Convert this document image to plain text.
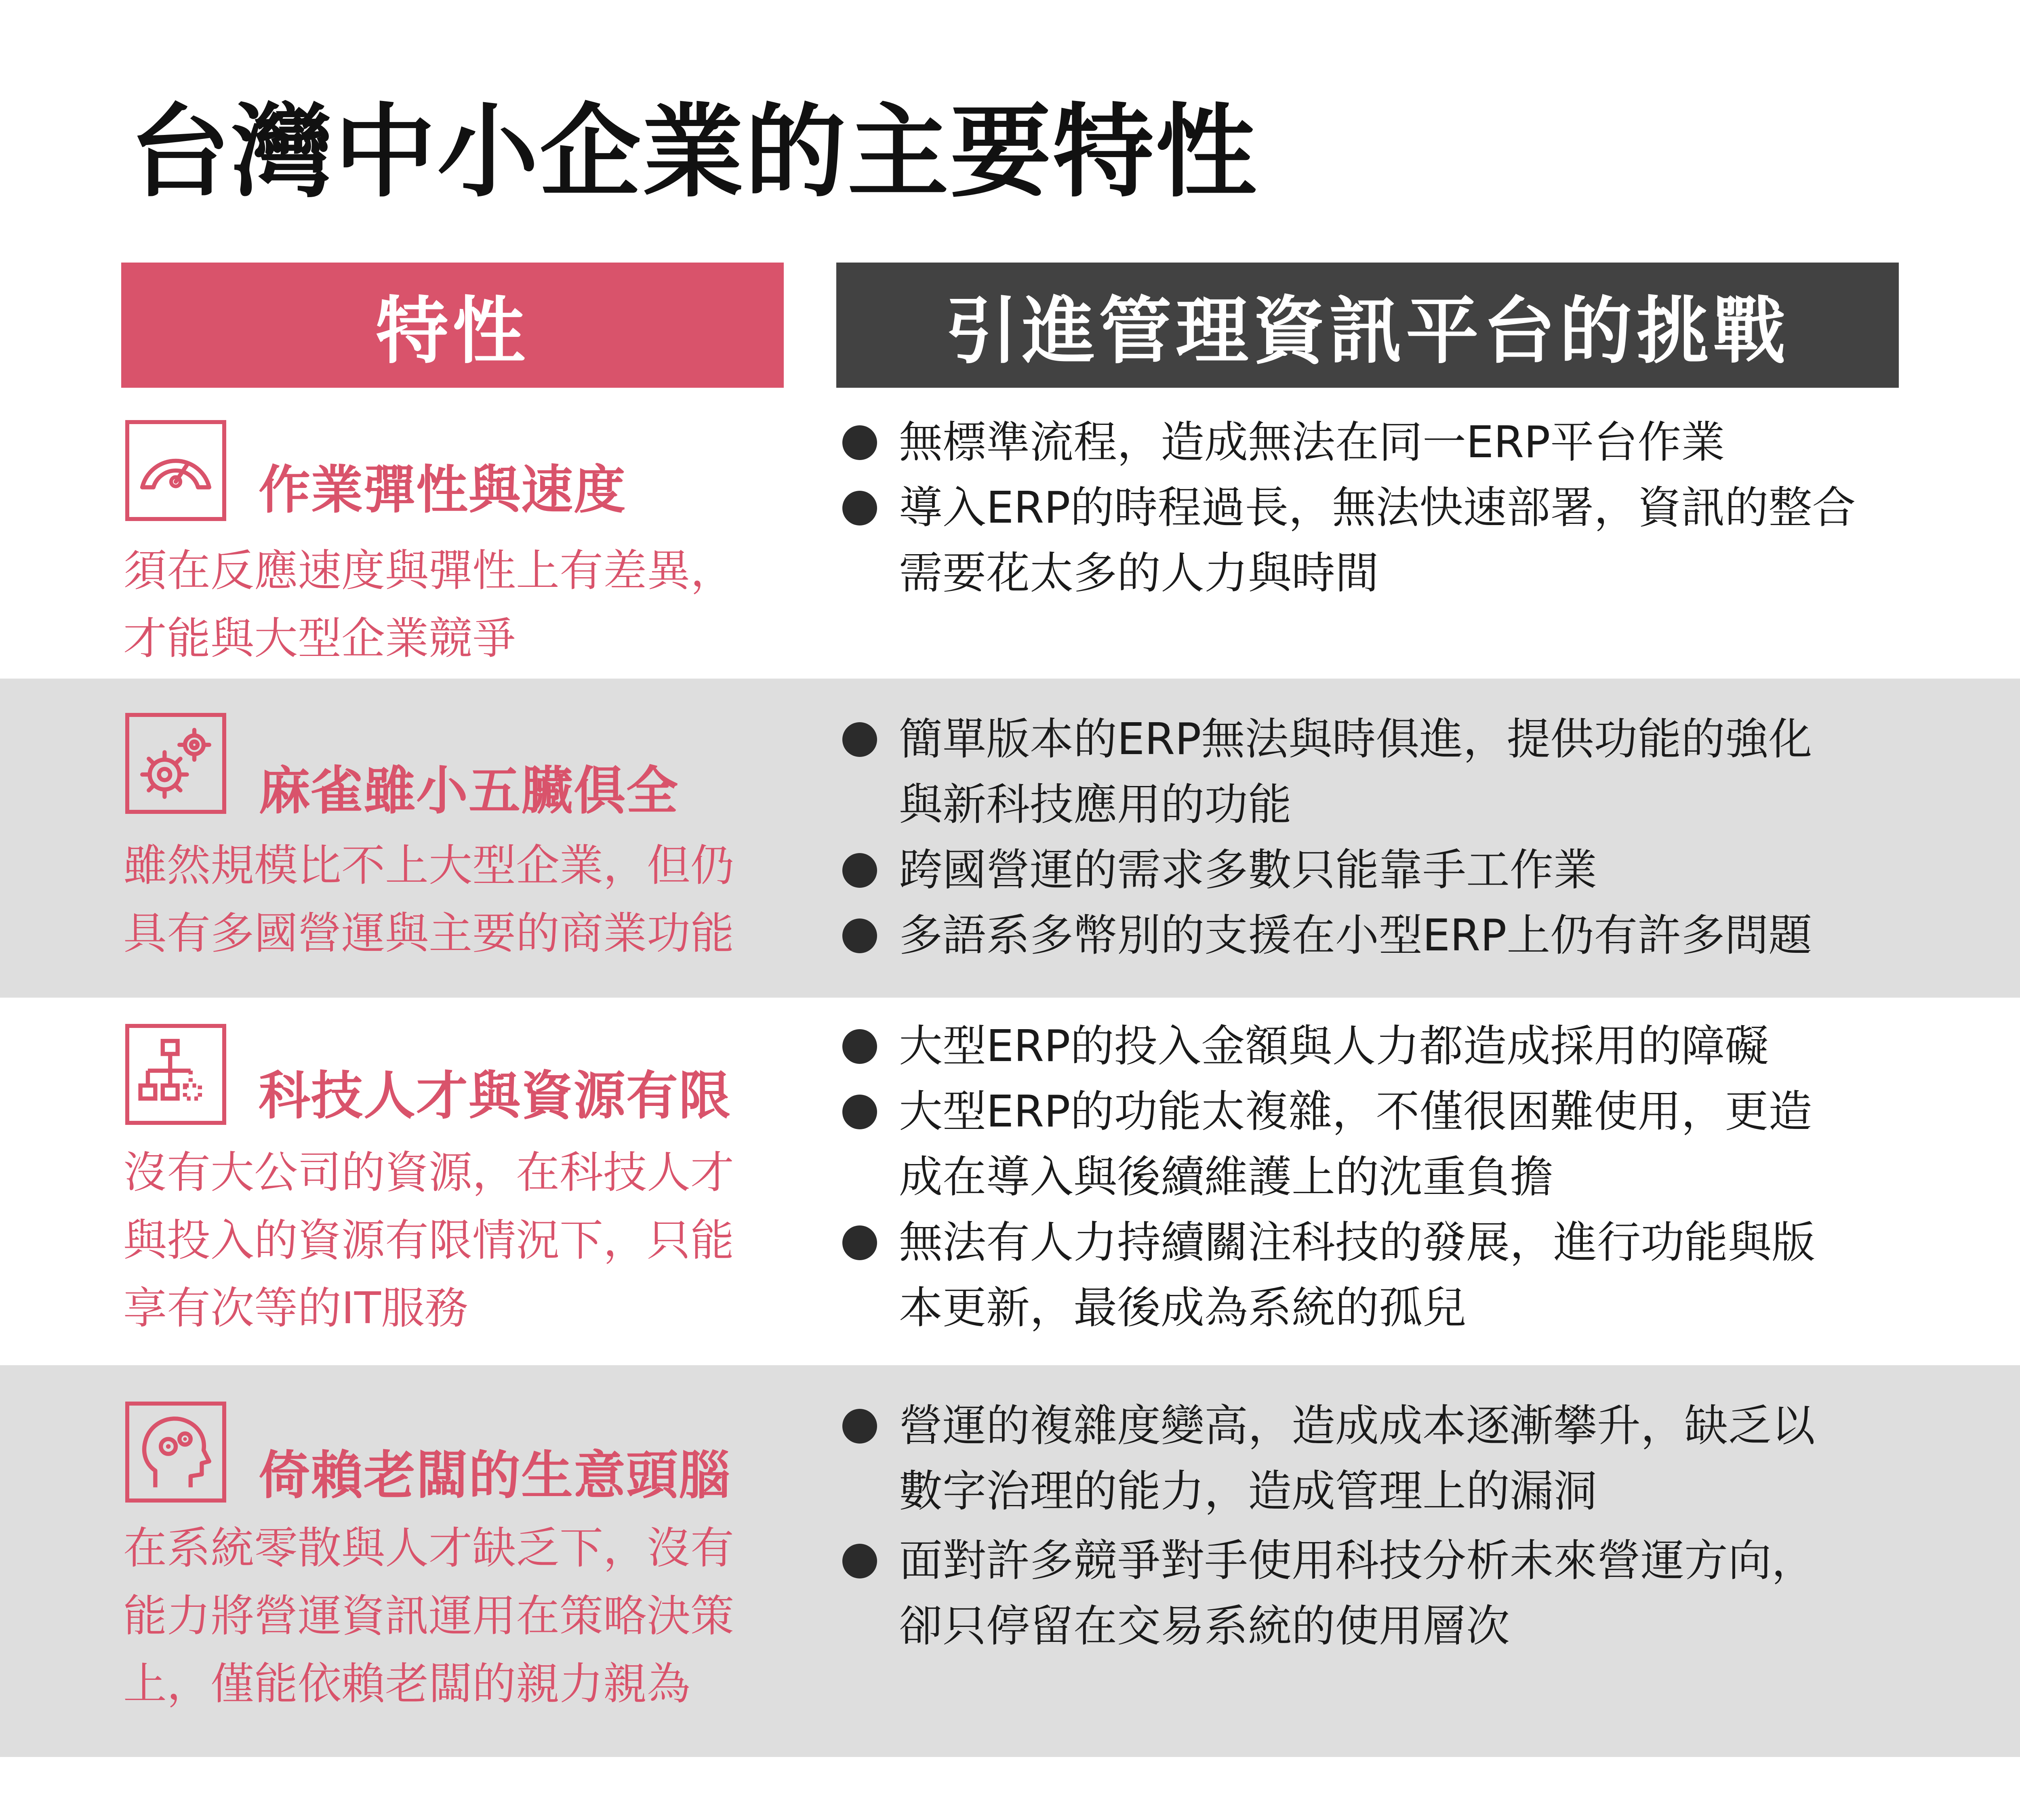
台灣中小企業的主要特性
特性	引進管理資訊平台的挑戰
作業彈性與速度

須在反應速度與彈性上有差異，
才能與大型企業競爭

無標準流程，造成無法在同一ERP平台作業
導入ERP的時程過長，無法快速部署，資訊的整合
需要花太多的人力與時間
麻雀雖小五臟俱全

雖然規模比不上大型企業，但仍
具有多國營運與主要的商業功能

簡單版本的ERP無法與時俱進，提供功能的強化
與新科技應用的功能
跨國營運的需求多數只能靠手工作業
多語系多幣別的支援在小型ERP上仍有許多問題
科技人才與資源有限

沒有大公司的資源，在科技人才
與投入的資源有限情況下，只能
享有次等的IT服務

大型ERP的投入金額與人力都造成採用的障礙
大型ERP的功能太複雜，不僅很困難使用，更造
成在導入與後續維護上的沈重負擔
無法有人力持續關注科技的發展，進行功能與版
本更新，最後成為系統的孤兒
倚賴老闆的生意頭腦

在系統零散與人才缺乏下，沒有
能力將營運資訊運用在策略決策
上，僅能依賴老闆的親力親為

營運的複雜度變高，造成成本逐漸攀升，缺乏以
數字治理的能力，造成管理上的漏洞
面對許多競爭對手使用科技分析未來營運方向，
卻只停留在交易系統的使用層次
